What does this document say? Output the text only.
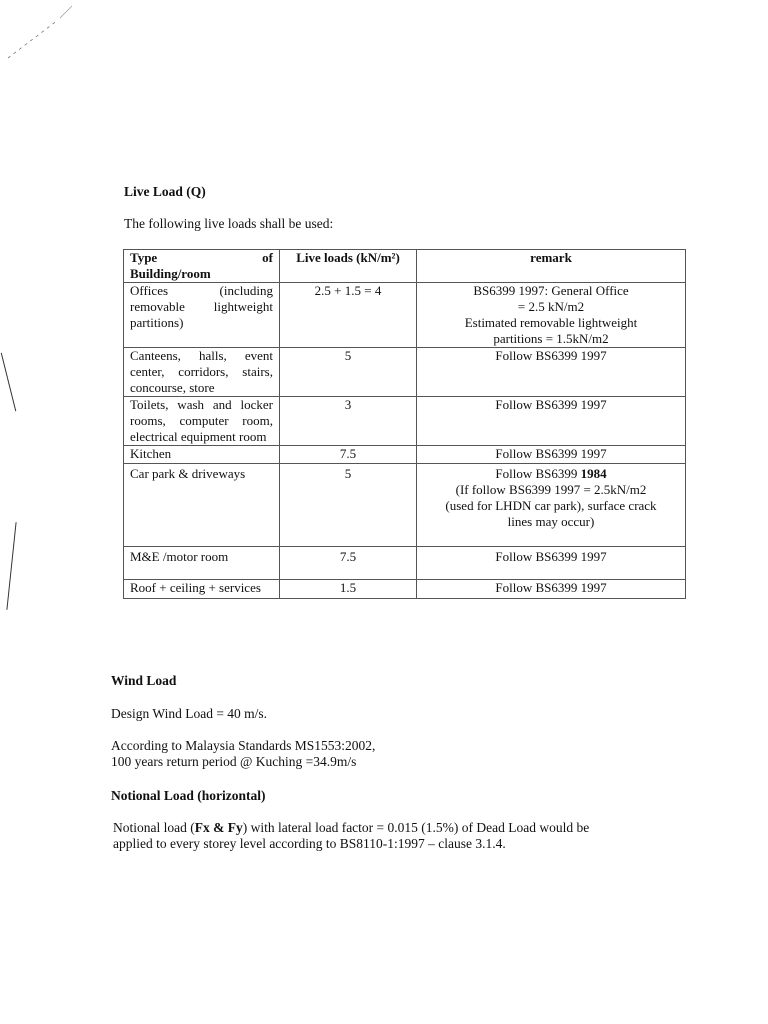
Live Load (Q)
The following live loads shall be used:
Type of
Building/room	Live loads (kN/m²)	remark
Offices (including removable lightweight partitions)	2.5 + 1.5 = 4	BS6399 1997: General Office
= 2.5 kN/m2
Estimated removable lightweight
partitions = 1.5kN/m2

Canteens, halls, event center, corridors, stairs, concourse, store	5	Follow BS6399 1997

Toilets, wash and locker rooms, computer room, electrical equipment room	3	Follow BS6399 1997

Kitchen	7.5	Follow BS6399 1997

Car park & driveways	5	Follow BS6399 1984
(If follow BS6399 1997 = 2.5kN/m2
(used for LHDN car park), surface crack
lines may occur)

M&E /motor room	7.5	Follow BS6399 1997

Roof + ceiling + services	1.5	Follow BS6399 1997
Wind Load
Design Wind Load = 40 m/s.
According to Malaysia Standards MS1553:2002,
100 years return period @ Kuching =34.9m/s
Notional Load (horizontal)
Notional load (Fx & Fy) with lateral load factor = 0.015 (1.5%) of Dead Load would be
applied to every storey level according to BS8110-1:1997 – clause 3.1.4.
